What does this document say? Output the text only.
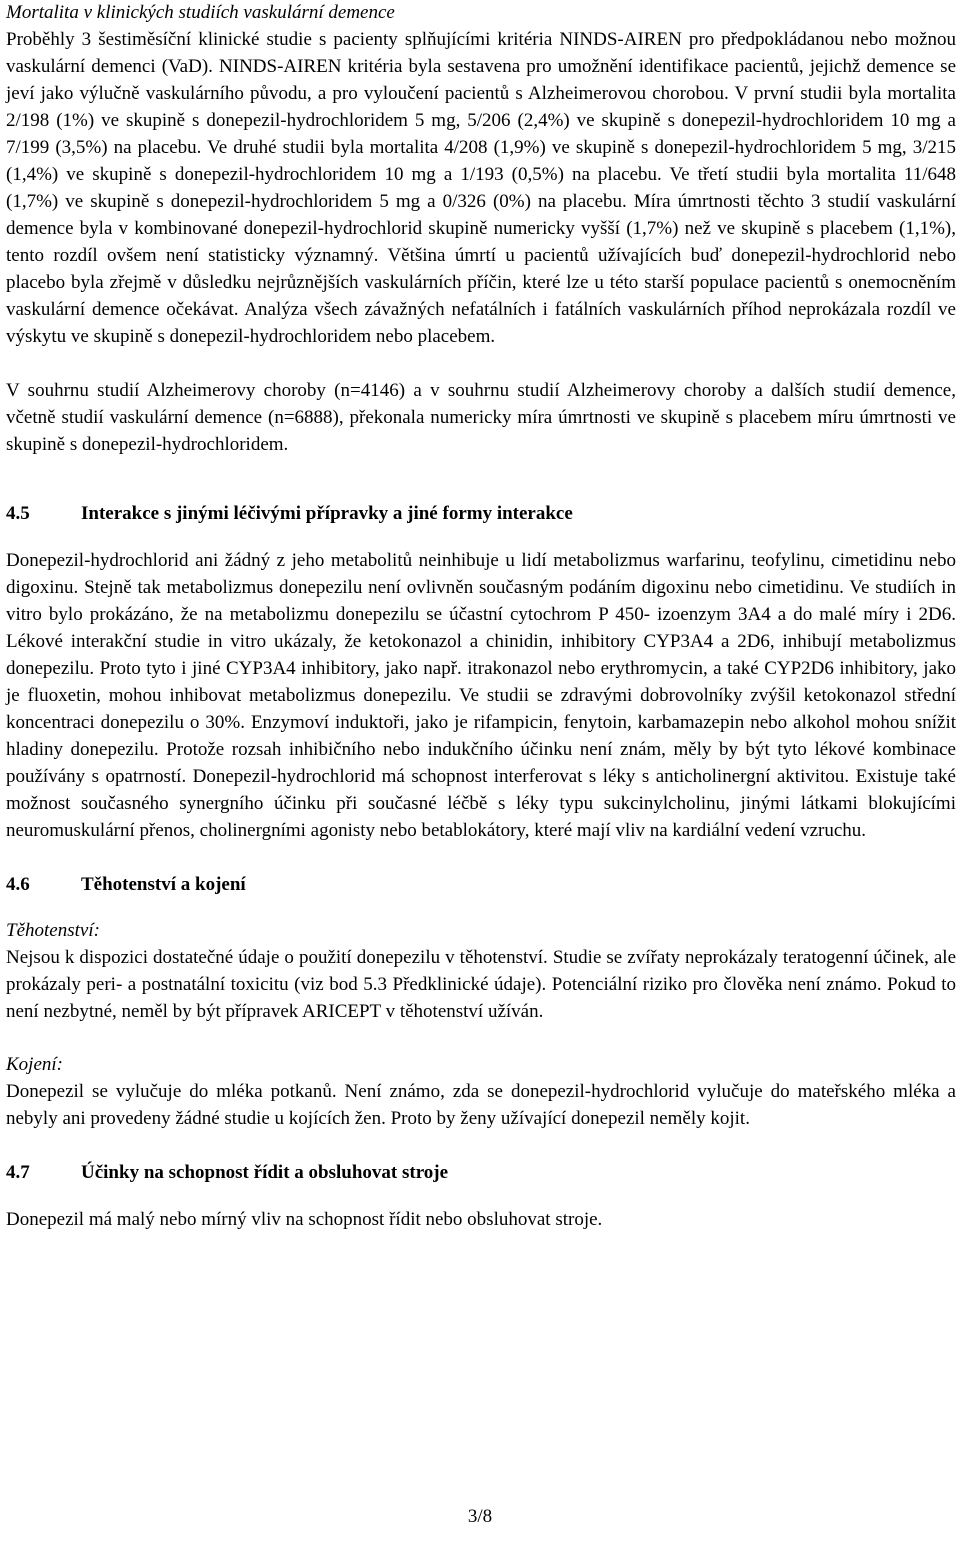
Mortalita v klinických studiích vaskulární demence

Proběhly 3 šestiměsíční klinické studie s pacienty splňujícími kritéria NINDS-AIREN pro předpokládanou nebo možnou vaskulární demenci (VaD). NINDS-AIREN kritéria byla sestavena pro umožnění identifikace pacientů, jejichž demence se jeví jako výlučně vaskulárního původu, a pro vyloučení pacientů s Alzheimerovou chorobou. V první studii byla mortalita 2/198 (1%) ve skupině s donepezil-hydrochloridem 5 mg, 5/206 (2,4%) ve skupině s donepezil-hydrochloridem 10 mg a 7/199 (3,5%) na placebu. Ve druhé studii byla mortalita 4/208 (1,9%) ve skupině s donepezil-hydrochloridem 5 mg, 3/215 (1,4%) ve skupině s donepezil-hydrochloridem 10 mg a 1/193 (0,5%) na placebu. Ve třetí studii byla mortalita 11/648 (1,7%) ve skupině s donepezil-hydrochloridem 5 mg a 0/326 (0%) na placebu. Míra úmrtnosti těchto 3 studií vaskulární demence byla v kombinované donepezil-hydrochlorid skupině numericky vyšší (1,7%) než ve skupině s placebem (1,1%), tento rozdíl ovšem není statisticky významný. Většina úmrtí u pacientů užívajících buď donepezil-hydrochlorid nebo placebo byla zřejmě v důsledku nejrůznějších vaskulárních příčin, které lze u této starší populace pacientů s onemocněním vaskulární demence očekávat. Analýza všech závažných nefatálních i fatálních vaskulárních příhod neprokázala rozdíl ve výskytu ve skupině s donepezil-hydrochloridem nebo placebem.

V souhrnu studií Alzheimerovy choroby (n=4146) a v souhrnu studií Alzheimerovy choroby a dalších studií demence, včetně studií vaskulární demence (n=6888), překonala numericky míra úmrtnosti ve skupině s placebem míru úmrtnosti ve skupině s donepezil-hydrochloridem.

4.5	Interakce s jinými léčivými přípravky a jiné formy interakce

Donepezil-hydrochlorid ani žádný z jeho metabolitů neinhibuje u lidí metabolizmus warfarinu, teofylinu, cimetidinu nebo digoxinu. Stejně tak metabolizmus donepezilu není ovlivněn současným podáním digoxinu nebo cimetidinu. Ve studiích in vitro bylo prokázáno, že na metabolizmu donepezilu se účastní cytochrom P 450- izoenzym 3A4 a do malé míry i 2D6. Lékové interakční studie in vitro ukázaly, že ketokonazol a chinidin, inhibitory CYP3A4 a 2D6, inhibují metabolizmus donepezilu. Proto tyto i jiné CYP3A4 inhibitory, jako např. itrakonazol nebo erythromycin, a také CYP2D6 inhibitory, jako je fluoxetin, mohou inhibovat metabolizmus donepezilu. Ve studii se zdravými dobrovolníky zvýšil ketokonazol střední koncentraci donepezilu o 30%. Enzymoví induktoři, jako je rifampicin, fenytoin, karbamazepin nebo alkohol mohou snížit hladiny donepezilu. Protože rozsah inhibičního nebo indukčního účinku není znám, měly by být tyto lékové kombinace používány s opatrností. Donepezil-hydrochlorid má schopnost interferovat s léky s anticholinergní aktivitou. Existuje také možnost současného synergního účinku při současné léčbě s léky typu sukcinylcholinu, jinými látkami blokujícími neuromuskulární přenos, cholinergními agonisty nebo betablokátory, které mají vliv na kardiální vedení vzruchu.

4.6	Těhotenství a kojení
Těhotenství:

Nejsou k dispozici dostatečné údaje o použití donepezilu v těhotenství. Studie se zvířaty neprokázaly teratogenní účinek, ale prokázaly peri- a postnatální toxicitu (viz bod 5.3 Předklinické údaje). Potenciální riziko pro člověka není známo. Pokud to není nezbytné, neměl by být přípravek ARICEPT v těhotenství užíván.

Kojení:

Donepezil se vylučuje do mléka potkanů. Není známo, zda se donepezil-hydrochlorid vylučuje do mateřského mléka a nebyly ani provedeny žádné studie u kojících žen. Proto by ženy užívající donepezil neměly kojit.

4.7	Účinky na schopnost řídit a obsluhovat stroje

Donepezil má malý nebo mírný vliv na schopnost řídit nebo obsluhovat stroje.

3/8
